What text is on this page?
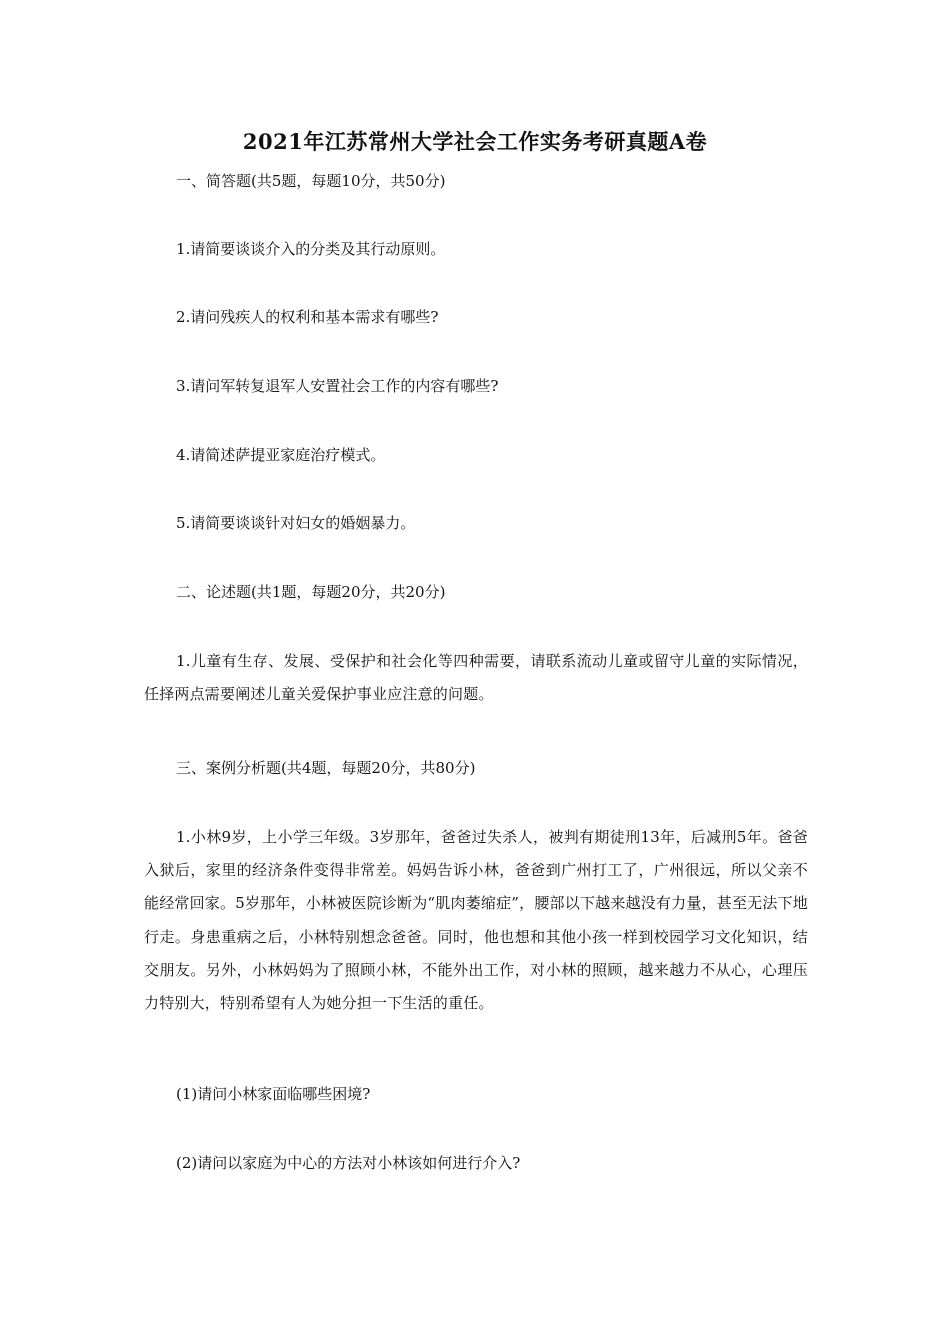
2021年江苏常州大学社会工作实务考研真题A卷
一、简答题(共5题，每题10分，共50分)
1.请简要谈谈介入的分类及其行动原则。
2.请问残疾人的权利和基本需求有哪些?
3.请问军转复退军人安置社会工作的内容有哪些?
4.请简述萨提亚家庭治疗模式。
5.请简要谈谈针对妇女的婚姻暴力。
二、论述题(共1题，每题20分，共20分)
1.儿童有生存、发展、受保护和社会化等四种需要，请联系流动儿童或留守儿童的实际情况，任择两点需要阐述儿童关爱保护事业应注意的问题。
三、案例分析题(共4题，每题20分，共80分)
1.小林9岁，上小学三年级。3岁那年，爸爸过失杀人，被判有期徒刑13年，后减刑5年。爸爸入狱后，家里的经济条件变得非常差。妈妈告诉小林，爸爸到广州打工了，广州很远，所以父亲不能经常回家。5岁那年，小林被医院诊断为“肌肉萎缩症”，腰部以下越来越没有力量，甚至无法下地行走。身患重病之后，小林特别想念爸爸。同时，他也想和其他小孩一样到校园学习文化知识，结交朋友。另外，小林妈妈为了照顾小林，不能外出工作，对小林的照顾，越来越力不从心，心理压力特别大，特别希望有人为她分担一下生活的重任。
(1)请问小林家面临哪些困境?
(2)请问以家庭为中心的方法对小林该如何进行介入?
